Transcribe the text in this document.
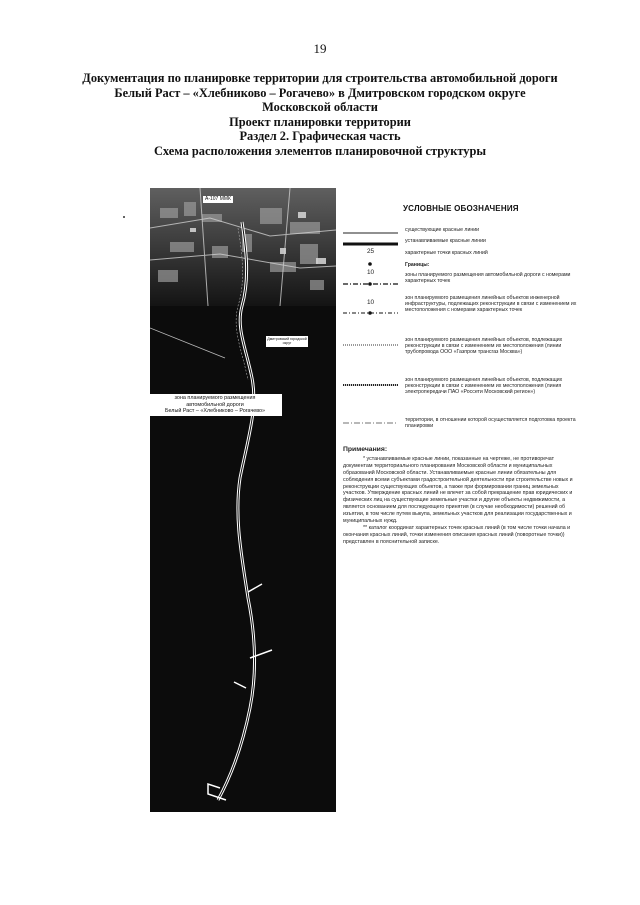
19
Документация по планировке территории для строительства автомобильной дороги
Белый Раст – «Хлебниково – Рогачево» в Дмитровском городском округе
Московской области
Проект планировки территории
Раздел 2. Графическая часть
Схема расположения элементов планировочной структуры
А-107 ММК
Дмитровский городской округ
зона планируемого размещения
автомобильной дороги
Белый Раст – «Хлебниково – Рогачево»
УСЛОВНЫЕ ОБОЗНАЧЕНИЯ
существующие красные линии
устанавливаемые красные линии
25	характерные точки красных линий
Границы:
10	зоны планируемого размещения автомобильной дороги с номерами характерных точек
10
зон планируемого размещения линейных объектов инженерной инфраструктуры, подлежащих реконструкции в связи с изменением их местоположения с номерами характерных точек
зон планируемого размещения линейных объектов, подлежащих реконструкции в связи с изменением их местоположения (линии трубопровода ООО «Газпром трансгаз Москва»)
зон планируемого размещения линейных объектов, подлежащих реконструкции в связи с изменением их местоположения (линия электропередачи ПАО «Россети Московский регион»)
территории, в отношении которой осуществляется подготовка проекта планировки
Примечания:

* устанавливаемые красные линии, показанные на чертеже, не противоречат документам территориального планирования Московской области и муниципальных образований Московской области. Устанавливаемые красные линии обязательны для соблюдения всеми субъектами градостроительной деятельности при строительстве новых и реконструкции существующих объектов, а также при формировании границ земельных участков. Утверждение красных линий не влечет за собой прекращение прав юридических и физических лиц на существующие земельные участки и другие объекты недвижимости, а является основанием для последующего принятия (в случае необходимости) решений об изъятии, в том числе путем выкупа, земельных участков для реализации государственных и муниципальных нужд.

** каталог координат характерных точек красных линий (в том числе точки начала и окончания красных линий, точки изменения описания красных линий (поворотные точки)) представлен в пояснительной записке.
